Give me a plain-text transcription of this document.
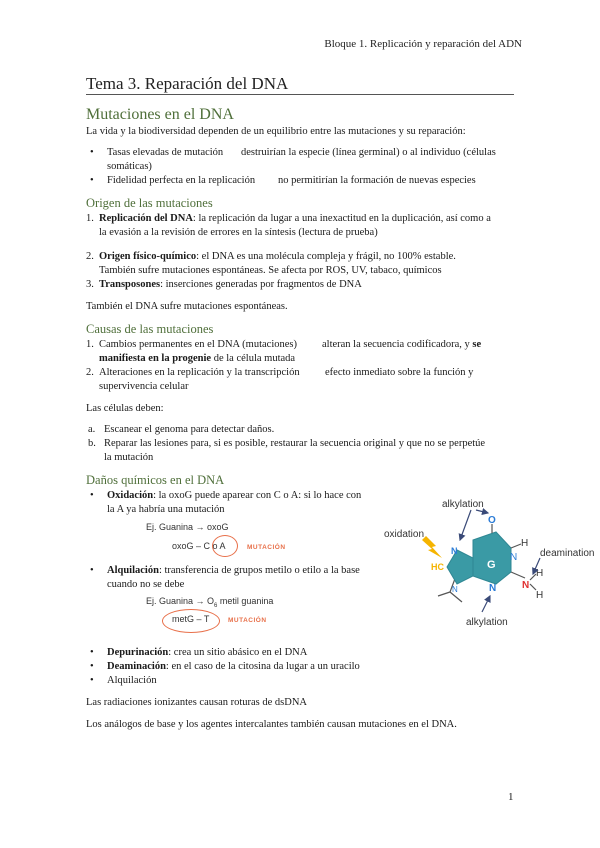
Bloque 1. Replicación y reparación del ADN
Tema 3. Reparación del DNA
Mutaciones en el DNA
La vida y la biodiversidad dependen de un equilibrio entre las mutaciones y su reparación:
• Tasas elevadas de mutación destruirían la especie (línea germinal) o al individuo (células
somáticas)
• Fidelidad perfecta en la replicación no permitirían la formación de nuevas especies
Origen de las mutaciones
1. Replicación del DNA: la replicación da lugar a una inexactitud en la duplicación, así como a
la evasión a la revisión de errores en la síntesis (lectura de prueba)
2. Origen físico-químico: el DNA es una molécula compleja y frágil, no 100% estable.
También sufre mutaciones espontáneas. Se afecta por ROS, UV, tabaco, químicos
3. Transposones: inserciones generadas por fragmentos de DNA
También el DNA sufre mutaciones espontáneas.
Causas de las mutaciones
1. Cambios permanentes en el DNA (mutaciones) alteran la secuencia codificadora, y se
manifiesta en la progenie de la célula mutada
2. Alteraciones en la replicación y la transcripción efecto inmediato sobre la función y
supervivencia celular
Las células deben:
a. Escanear el genoma para detectar daños.
b. Reparar las lesiones para, si es posible, restaurar la secuencia original y que no se perpetúe
la mutación
Daños químicos en el DNA
• Oxidación: la oxoG puede aparear con C o A: si lo hace con
la A ya habría una mutación
Ej. Guanina → oxoG
oxoG – C o A	MUTACIÓN
• Alquilación: transferencia de grupos metilo o etilo a la base
cuando no se debe
Ej. Guanina → $O_6$ metil guanina
metG – T	MUTACIÓN
• Depurinación: crea un sitio abásico en el DNA
• Deaminación: en el caso de la citosina da lugar a un uracilo
• Alquilación
Las radiaciones ionizantes causan roturas de dsDNA
Los análogos de base y los agentes intercalantes también causan mutaciones en el DNA.
O
N
H
N
HC	G
N
N	N
H
H
alkylation
oxidation
deamination
alkylation
1
